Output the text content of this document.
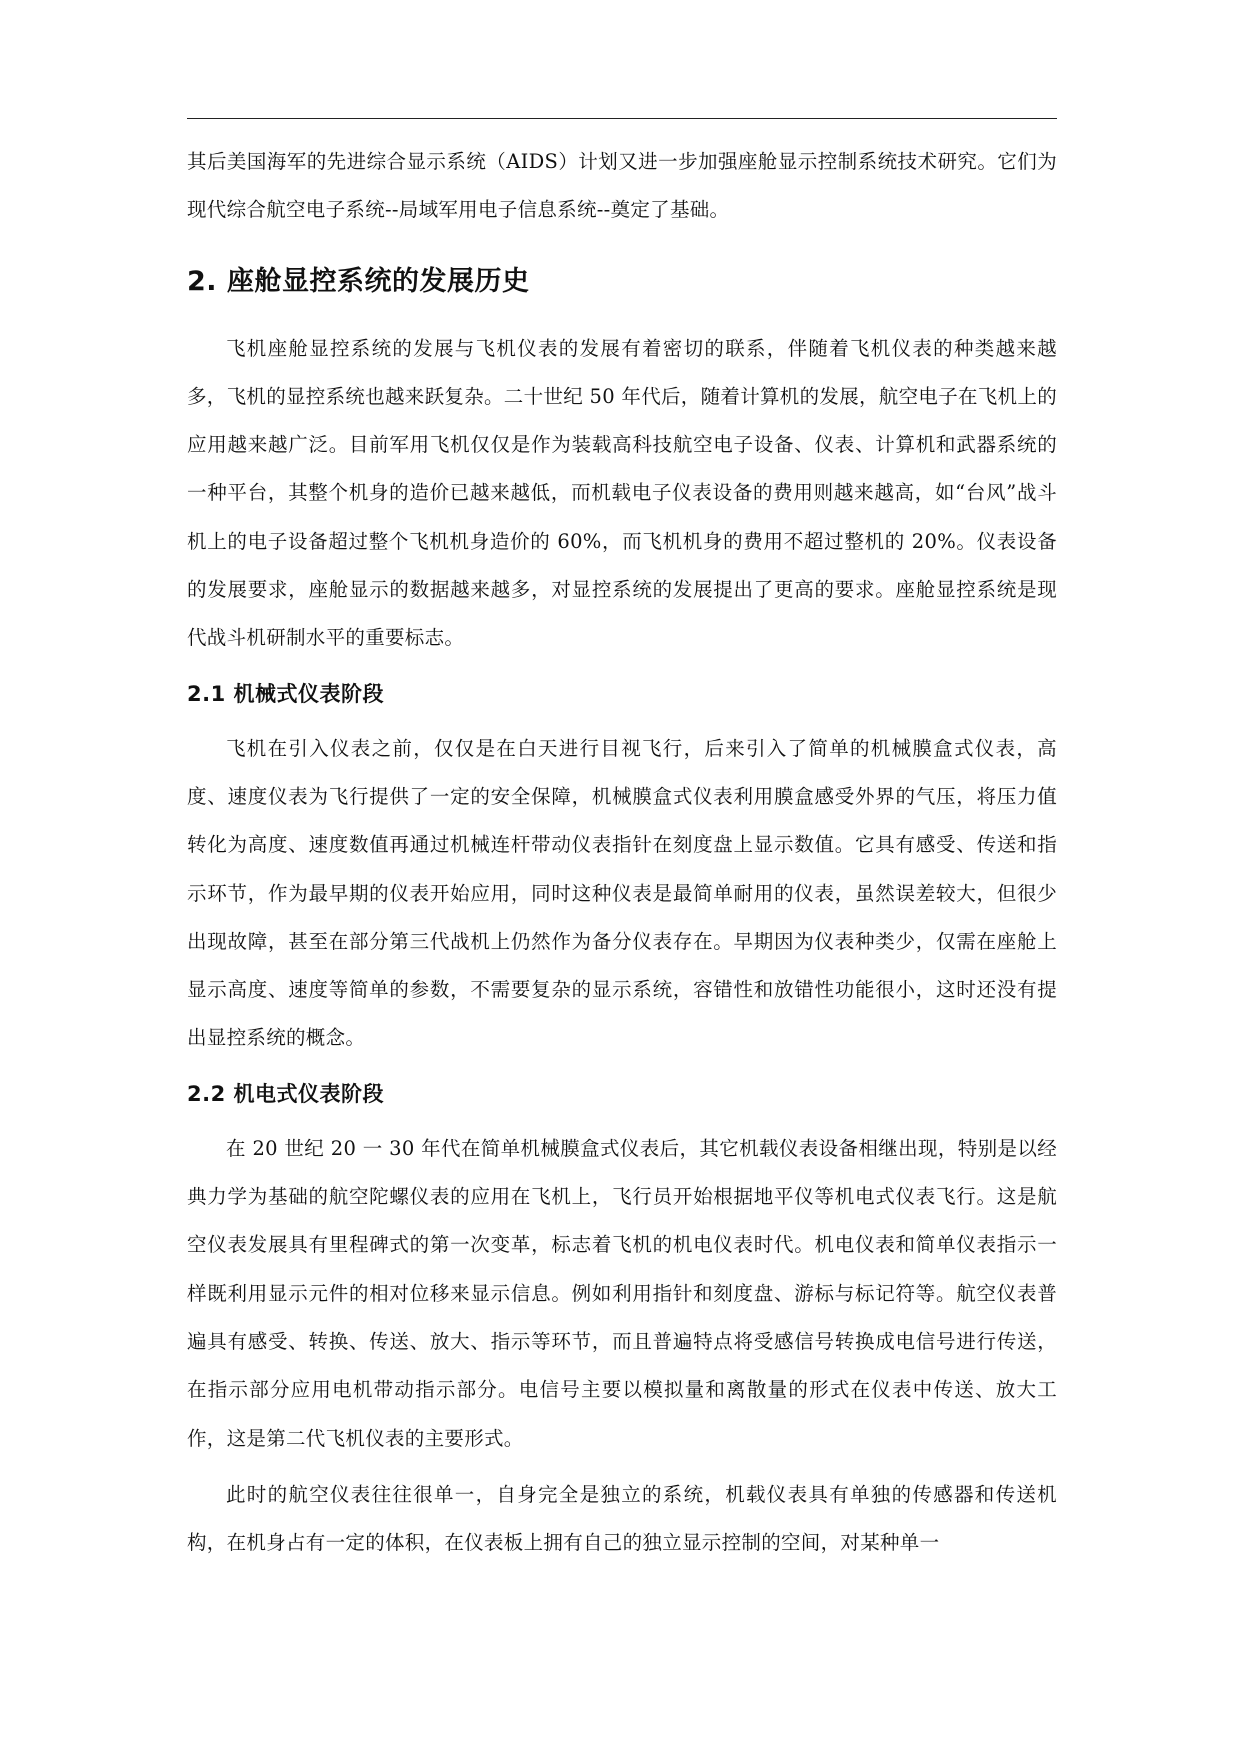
其后美国海军的先进综合显示系统（AIDS）计划又进一步加强座舱显示控制系统技术研究。它们为现代综合航空电子系统--局域军用电子信息系统--奠定了基础。

2. 座舱显控系统的发展历史

飞机座舱显控系统的发展与飞机仪表的发展有着密切的联系，伴随着飞机仪表的种类越来越多，飞机的显控系统也越来跃复杂。二十世纪 50 年代后，随着计算机的发展，航空电子在飞机上的应用越来越广泛。目前军用飞机仅仅是作为装载高科技航空电子设备、仪表、计算机和武器系统的一种平台，其整个机身的造价已越来越低，而机载电子仪表设备的费用则越来越高，如“台风”战斗机上的电子设备超过整个飞机机身造价的 60%，而飞机机身的费用不超过整机的 20%。仪表设备的发展要求，座舱显示的数据越来越多，对显控系统的发展提出了更高的要求。座舱显控系统是现代战斗机研制水平的重要标志。

2.1 机械式仪表阶段

飞机在引入仪表之前，仅仅是在白天进行目视飞行，后来引入了简单的机械膜盒式仪表，高度、速度仪表为飞行提供了一定的安全保障，机械膜盒式仪表利用膜盒感受外界的气压，将压力值转化为高度、速度数值再通过机械连杆带动仪表指针在刻度盘上显示数值。它具有感受、传送和指示环节，作为最早期的仪表开始应用，同时这种仪表是最简单耐用的仪表，虽然误差较大，但很少出现故障，甚至在部分第三代战机上仍然作为备分仪表存在。早期因为仪表种类少，仅需在座舱上显示高度、速度等简单的参数，不需要复杂的显示系统，容错性和放错性功能很小，这时还没有提出显控系统的概念。

2.2 机电式仪表阶段

在 20 世纪 20 一 30 年代在简单机械膜盒式仪表后，其它机载仪表设备相继出现，特别是以经典力学为基础的航空陀螺仪表的应用在飞机上，飞行员开始根据地平仪等机电式仪表飞行。这是航空仪表发展具有里程碑式的第一次变革，标志着飞机的机电仪表时代。机电仪表和简单仪表指示一样既利用显示元件的相对位移来显示信息。例如利用指针和刻度盘、游标与标记符等。航空仪表普遍具有感受、转换、传送、放大、指示等环节，而且普遍特点将受感信号转换成电信号进行传送，在指示部分应用电机带动指示部分。电信号主要以模拟量和离散量的形式在仪表中传送、放大工作，这是第二代飞机仪表的主要形式。

此时的航空仪表往往很单一，自身完全是独立的系统，机载仪表具有单独的传感器和传送机构，在机身占有一定的体积，在仪表板上拥有自己的独立显示控制的空间，对某种单一
